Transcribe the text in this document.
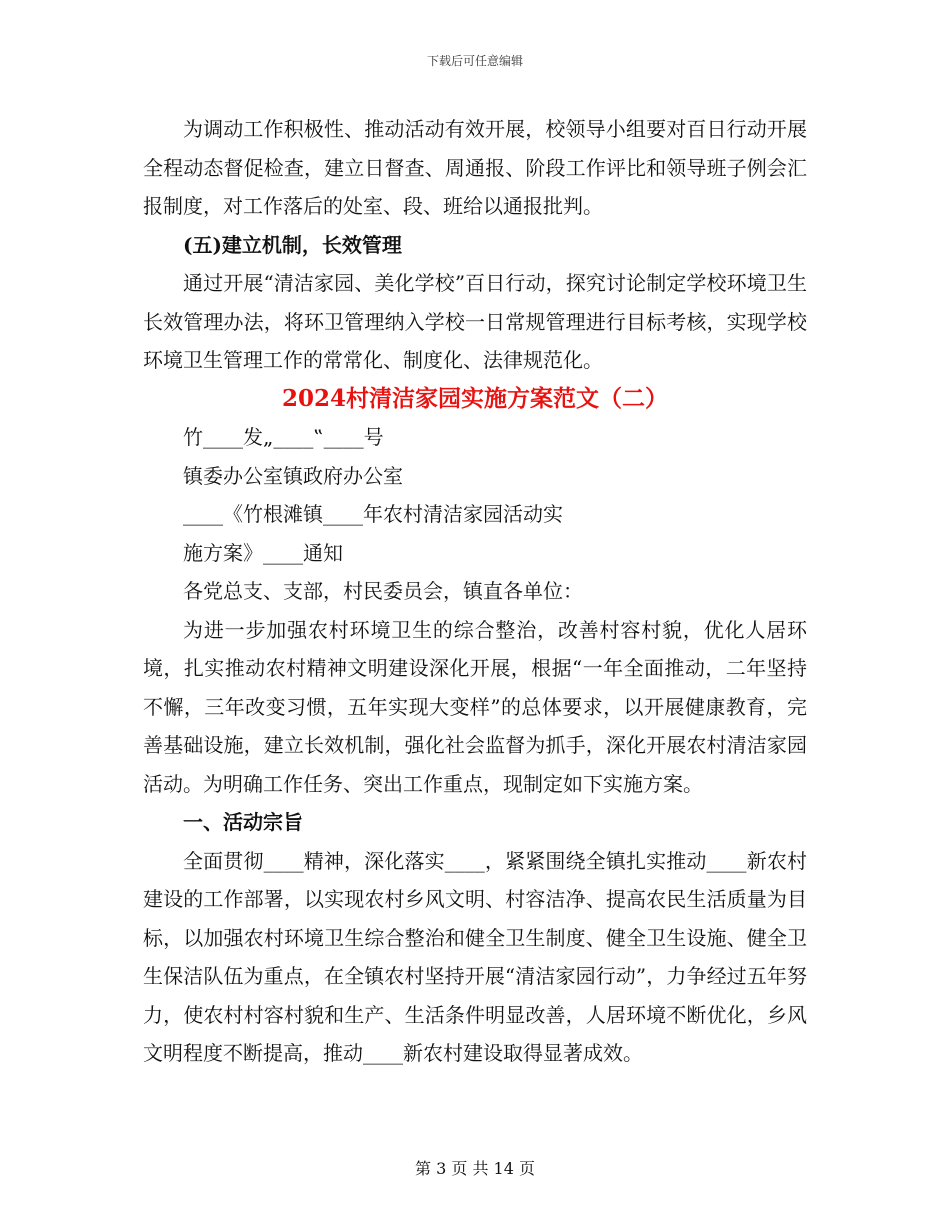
下载后可任意编辑

为调动工作积极性、推动活动有效开展，校领导小组要对百日行动开展全程动态督促检查，建立日督查、周通报、阶段工作评比和领导班子例会汇报制度，对工作落后的处室、段、班给以通报批判。

(五)建立机制，长效管理

通过开展“清洁家园、美化学校”百日行动，探究讨论制定学校环境卫生长效管理办法，将环卫管理纳入学校一日常规管理进行目标考核，实现学校环境卫生管理工作的常常化、制度化、法律规范化。

2024村清洁家园实施方案范文（二）

竹____发„____‟____号

镇委办公室镇政府办公室

____《竹根滩镇____年农村清洁家园活动实

施方案》____通知

各党总支、支部，村民委员会，镇直各单位：

为进一步加强农村环境卫生的综合整治，改善村容村貌，优化人居环境，扎实推动农村精神文明建设深化开展，根据“一年全面推动，二年坚持不懈，三年改变习惯，五年实现大变样”的总体要求，以开展健康教育，完善基础设施，建立长效机制，强化社会监督为抓手，深化开展农村清洁家园活动。为明确工作任务、突出工作重点，现制定如下实施方案。

一、活动宗旨

全面贯彻____精神，深化落实____，紧紧围绕全镇扎实推动____新农村建设的工作部署，以实现农村乡风文明、村容洁净、提高农民生活质量为目标，以加强农村环境卫生综合整治和健全卫生制度、健全卫生设施、健全卫生保洁队伍为重点，在全镇农村坚持开展“清洁家园行动”，力争经过五年努力，使农村村容村貌和生产、生活条件明显改善，人居环境不断优化，乡风文明程度不断提高，推动____新农村建设取得显著成效。

第 3 页 共 14 页
